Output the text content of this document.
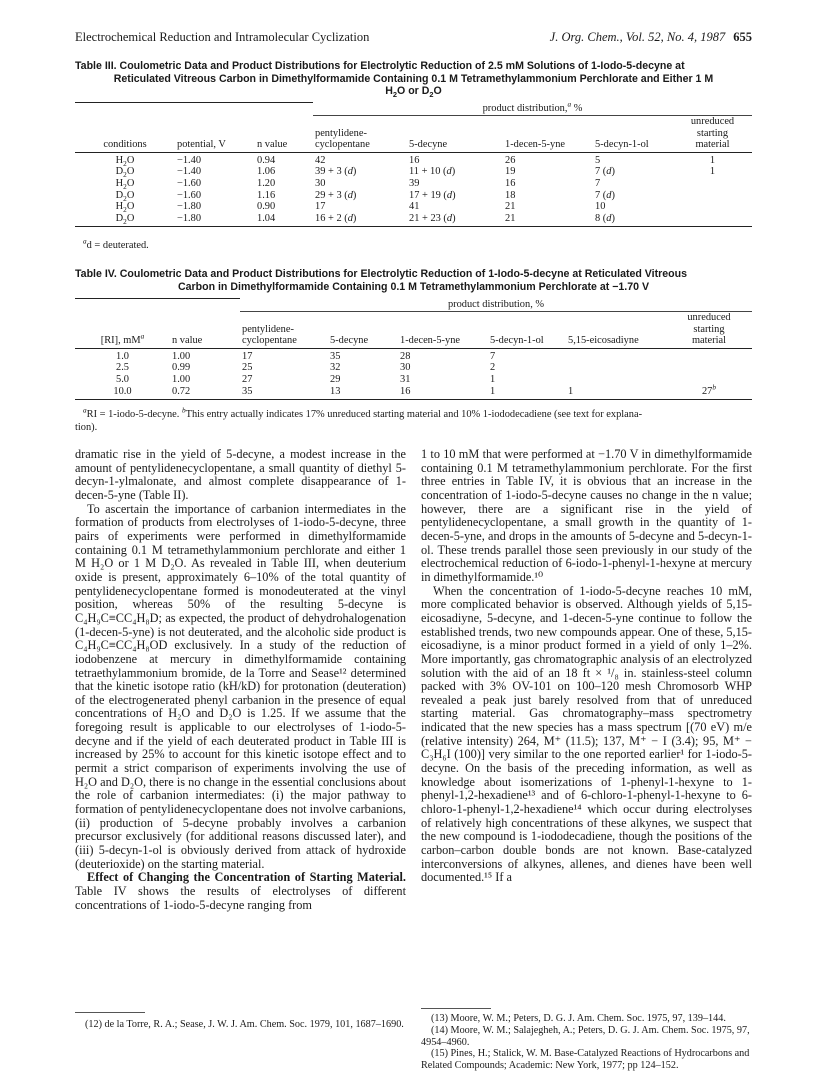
Electrochemical Reduction and Intramolecular Cyclization	J. Org. Chem., Vol. 52, No. 4, 1987 655
Table III. Coulometric Data and Product Distributions for Electrolytic Reduction of 2.5 mM Solutions of 1-Iodo-5-decyne at
Reticulated Vitreous Carbon in Dimethylformamide Containing 0.1 M Tetramethylammonium Perchlorate and Either 1 M
$H_2O$ or $D_2O$
			product distribution,$^a$ %				
conditions	potential, V	n value	pentylidene-
cyclopentane	5-decyne	1-decen-5-yne	5-decyn-1-ol	unreduced
starting
material
$H_2O$	−1.40	0.94	42	16	26	5	1
$D_2O$	−1.40	1.06	39 + 3 (d)	11 + 10 (d)	19	7 (d)	1
$H_2O$	−1.60	1.20	30	39	16	7	
$D_2O$	−1.60	1.16	29 + 3 (d)	17 + 19 (d)	18	7 (d)	
$H_2O$	−1.80	0.90	17	41	21	10	
$D_2O$	−1.80	1.04	16 + 2 (d)	21 + 23 (d)	21	8 (d)	
$^a$d = deuterated.
Table IV. Coulometric Data and Product Distributions for Electrolytic Reduction of 1-Iodo-5-decyne at Reticulated Vitreous
Carbon in Dimethylformamide Containing 0.1 M Tetramethylammonium Perchlorate at −1.70 V
		product distribution, %					
[RI], $mM^a$	n value	pentylidene-
cyclopentane	5-decyne	1-decen-5-yne	5-decyn-1-ol	5,15-eicosadiyne	unreduced
starting
material
1.0	1.00	17	35	28	7		
2.5	0.99	25	32	30	2		
5.0	1.00	27	29	31	1		
10.0	0.72	35	13	16	1	1	27$^b$
$^a$RI = 1-iodo-5-decyne. $^b$This entry actually indicates 17% unreduced starting material and 10% 1-iododecadiene (see text for explana-
tion).

dramatic rise in the yield of 5-decyne, a modest increase in the amount of pentylidenecyclopentane, a small quantity of diethyl 5-decyn-1-ylmalonate, and almost complete disappearance of 1-decen-5-yne (Table II).

To ascertain the importance of carbanion intermediates in the formation of products from electrolyses of 1-iodo-5-decyne, three pairs of experiments were performed in dimethylformamide containing 0.1 M tetramethylammonium perchlorate and either 1 M H₂O or 1 M D₂O. As revealed in Table III, when deuterium oxide is present, approximately 6–10% of the total quantity of pentylidenecyclopentane formed is monodeuterated at the vinyl position, whereas 50% of the resulting 5-decyne is C₄H₉C≡CC₄H₈D; as expected, the product of dehydrohalogenation (1-decen-5-yne) is not deuterated, and the alcoholic side product is C₄H₉C≡CC₄H₈OD exclusively. In a study of the reduction of iodobenzene at mercury in dimethylformamide containing tetraethylammonium bromide, de la Torre and Sease¹² determined that the kinetic isotope ratio (kH/kD) for protonation (deuteration) of the electrogenerated phenyl carbanion in the presence of equal concentrations of H₂O and D₂O is 1.25. If we assume that the foregoing result is applicable to our electrolyses of 1-iodo-5-decyne and if the yield of each deuterated product in Table III is increased by 25% to account for this kinetic isotope effect and to permit a strict comparison of experiments involving the use of H₂O and D₂O, there is no change in the essential conclusions about the role of carbanion intermediates: (i) the major pathway to formation of pentylidenecyclopentane does not involve carbanions, (ii) production of 5-decyne probably involves a carbanion precursor exclusively (for additional reasons discussed later), and (iii) 5-decyn-1-ol is obviously derived from attack of hydroxide (deuterioxide) on the starting material.

Effect of Changing the Concentration of Starting Material. Table IV shows the results of electrolyses of different concentrations of 1-iodo-5-decyne ranging from

(12) de la Torre, R. A.; Sease, J. W. J. Am. Chem. Soc. 1979, 101, 1687–1690.

1 to 10 mM that were performed at −1.70 V in dimethylformamide containing 0.1 M tetramethylammonium perchlorate. For the first three entries in Table IV, it is obvious that an increase in the concentration of 1-iodo-5-decyne causes no change in the n value; however, there are a significant rise in the yield of pentylidenecyclopentane, a small growth in the quantity of 1-decen-5-yne, and drops in the amounts of 5-decyne and 5-decyn-1-ol. These trends parallel those seen previously in our study of the electrochemical reduction of 6-iodo-1-phenyl-1-hexyne at mercury in dimethylformamide.¹⁰

When the concentration of 1-iodo-5-decyne reaches 10 mM, more complicated behavior is observed. Although yields of 5,15-eicosadiyne, 5-decyne, and 1-decen-5-yne continue to follow the established trends, two new compounds appear. One of these, 5,15-eicosadiyne, is a minor product formed in a yield of only 1–2%. More importantly, gas chromatographic analysis of an electrolyzed solution with the aid of an 18 ft × ¹/₈ in. stainless-steel column packed with 3% OV-101 on 100–120 mesh Chromosorb WHP revealed a peak just barely resolved from that of unreduced starting material. Gas chromatography–mass spectrometry indicated that the new species has a mass spectrum [(70 eV) m/e (relative intensity) 264, M⁺ (11.5); 137, M⁺ − I (3.4); 95, M⁺ − C₃H₆I (100)] very similar to the one reported earlier¹ for 1-iodo-5-decyne. On the basis of the preceding information, as well as knowledge about isomerizations of 1-phenyl-1-hexyne to 1-phenyl-1,2-hexadiene¹³ and of 6-chloro-1-phenyl-1-hexyne to 6-chloro-1-phenyl-1,2-hexadiene¹⁴ which occur during electrolyses of relatively high concentrations of these alkynes, we suspect that the new compound is 1-iododecadiene, though the positions of the carbon–carbon double bonds are not known. Base-catalyzed interconversions of alkynes, allenes, and dienes have been well documented.¹⁵ If a

(13) Moore, W. M.; Peters, D. G. J. Am. Chem. Soc. 1975, 97, 139–144.

(14) Moore, W. M.; Salajegheh, A.; Peters, D. G. J. Am. Chem. Soc. 1975, 97, 4954–4960.

(15) Pines, H.; Stalick, W. M. Base-Catalyzed Reactions of Hydrocarbons and Related Compounds; Academic: New York, 1977; pp 124–152.
